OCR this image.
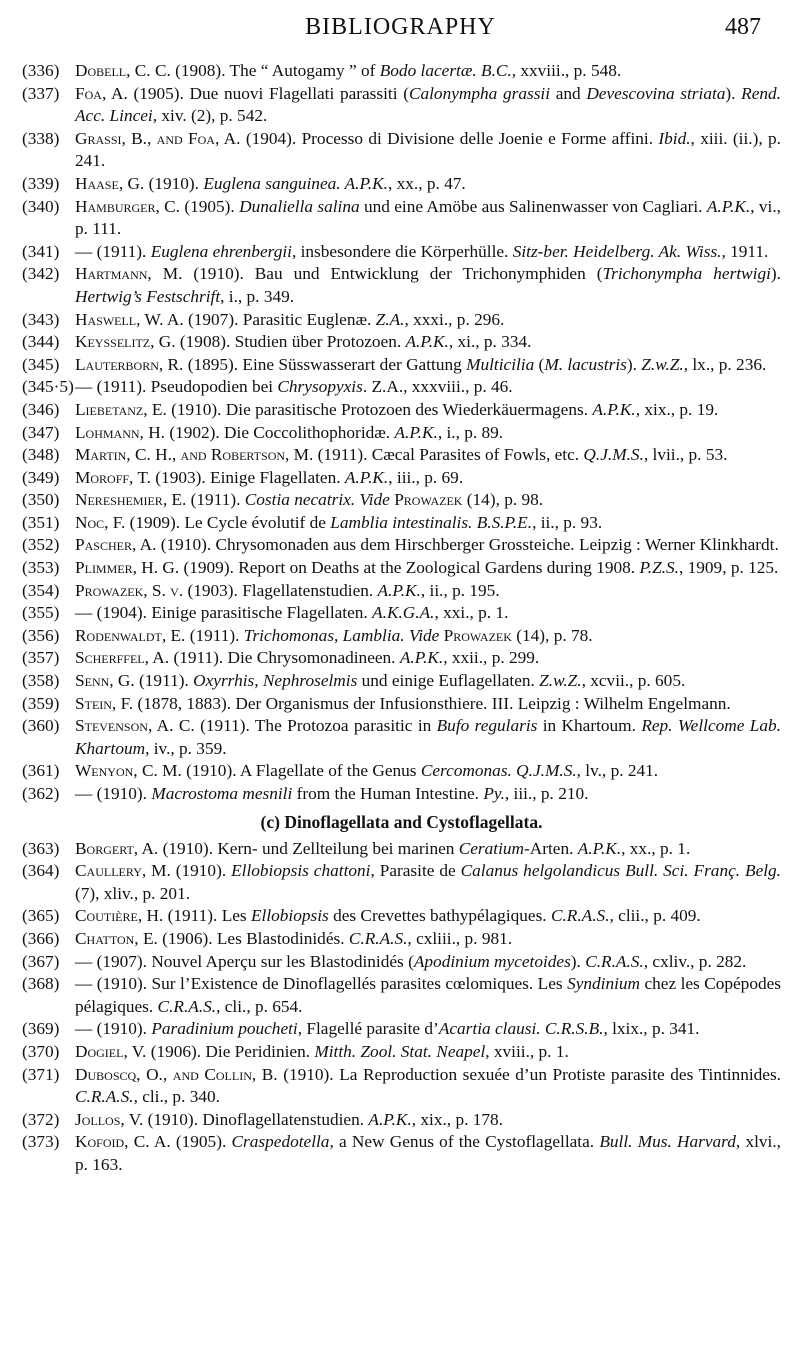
BIBLIOGRAPHY	487

(336) Dobell, C. C. (1908). The “ Autogamy ” of Bodo lacertæ. B.C., xxviii., p. 548.

(337) Foa, A. (1905). Due nuovi Flagellati parassiti (Calonympha grassii and Devescovina striata). Rend. Acc. Lincei, xiv. (2), p. 542.

(338) Grassi, B., and Foa, A. (1904). Processo di Divisione delle Joenie e Forme affini. Ibid., xiii. (ii.), p. 241.

(339) Haase, G. (1910). Euglena sanguinea. A.P.K., xx., p. 47.

(340) Hamburger, C. (1905). Dunaliella salina und eine Amöbe aus Salinenwasser von Cagliari. A.P.K., vi., p. 111.

(341) — (1911). Euglena ehrenbergii, insbesondere die Körperhülle. Sitz-ber. Heidelberg. Ak. Wiss., 1911.

(342) Hartmann, M. (1910). Bau und Entwicklung der Trichonymphiden (Trichonympha hertwigi). Hertwig’s Festschrift, i., p. 349.

(343) Haswell, W. A. (1907). Parasitic Euglenæ. Z.A., xxxi., p. 296.

(344) Keysselitz, G. (1908). Studien über Protozoen. A.P.K., xi., p. 334.

(345) Lauterborn, R. (1895). Eine Süsswasserart der Gattung Multicilia (M. lacustris). Z.w.Z., lx., p. 236.

(345·5) — (1911). Pseudopodien bei Chrysopyxis. Z.A., xxxviii., p. 46.

(346) Liebetanz, E. (1910). Die parasitische Protozoen des Wiederkäuermagens. A.P.K., xix., p. 19.

(347) Lohmann, H. (1902). Die Coccolithophoridæ. A.P.K., i., p. 89.

(348) Martin, C. H., and Robertson, M. (1911). Cæcal Parasites of Fowls, etc. Q.J.M.S., lvii., p. 53.

(349) Moroff, T. (1903). Einige Flagellaten. A.P.K., iii., p. 69.

(350) Nereshemier, E. (1911). Costia necatrix. Vide Prowazek (14), p. 98.

(351) Noc, F. (1909). Le Cycle évolutif de Lamblia intestinalis. B.S.P.E., ii., p. 93.

(352) Pascher, A. (1910). Chrysomonaden aus dem Hirschberger Grossteiche. Leipzig : Werner Klinkhardt.

(353) Plimmer, H. G. (1909). Report on Deaths at the Zoological Gardens during 1908. P.Z.S., 1909, p. 125.

(354) Prowazek, S. v. (1903). Flagellatenstudien. A.P.K., ii., p. 195.

(355) — (1904). Einige parasitische Flagellaten. A.K.G.A., xxi., p. 1.

(356) Rodenwaldt, E. (1911). Trichomonas, Lamblia. Vide Prowazek (14), p. 78.

(357) Scherffel, A. (1911). Die Chrysomonadineen. A.P.K., xxii., p. 299.

(358) Senn, G. (1911). Oxyrrhis, Nephroselmis und einige Euflagellaten. Z.w.Z., xcvii., p. 605.

(359) Stein, F. (1878, 1883). Der Organismus der Infusionsthiere. III. Leipzig : Wilhelm Engelmann.

(360) Stevenson, A. C. (1911). The Protozoa parasitic in Bufo regularis in Khartoum. Rep. Wellcome Lab. Khartoum, iv., p. 359.

(361) Wenyon, C. M. (1910). A Flagellate of the Genus Cercomonas. Q.J.M.S., lv., p. 241.

(362) — (1910). Macrostoma mesnili from the Human Intestine. Py., iii., p. 210.

(c) Dinoflagellata and Cystoflagellata.

(363) Borgert, A. (1910). Kern- und Zellteilung bei marinen Ceratium-Arten. A.P.K., xx., p. 1.

(364) Caullery, M. (1910). Ellobiopsis chattoni, Parasite de Calanus helgolandicus Bull. Sci. Franç. Belg. (7), xliv., p. 201.

(365) Coutière, H. (1911). Les Ellobiopsis des Crevettes bathypélagiques. C.R.A.S., clii., p. 409.

(366) Chatton, E. (1906). Les Blastodinidés. C.R.A.S., cxliii., p. 981.

(367) — (1907). Nouvel Aperçu sur les Blastodinidés (Apodinium mycetoides). C.R.A.S., cxliv., p. 282.

(368) — (1910). Sur l’Existence de Dinoflagellés parasites cœlomiques. Les Syndinium chez les Copépodes pélagiques. C.R.A.S., cli., p. 654.

(369) — (1910). Paradinium poucheti, Flagellé parasite d’Acartia clausi. C.R.S.B., lxix., p. 341.

(370) Dogiel, V. (1906). Die Peridinien. Mitth. Zool. Stat. Neapel, xviii., p. 1.

(371) Duboscq, O., and Collin, B. (1910). La Reproduction sexuée d’un Protiste parasite des Tintinnides. C.R.A.S., cli., p. 340.

(372) Jollos, V. (1910). Dinoflagellatenstudien. A.P.K., xix., p. 178.

(373) Kofoid, C. A. (1905). Craspedotella, a New Genus of the Cystoflagellata. Bull. Mus. Harvard, xlvi., p. 163.
